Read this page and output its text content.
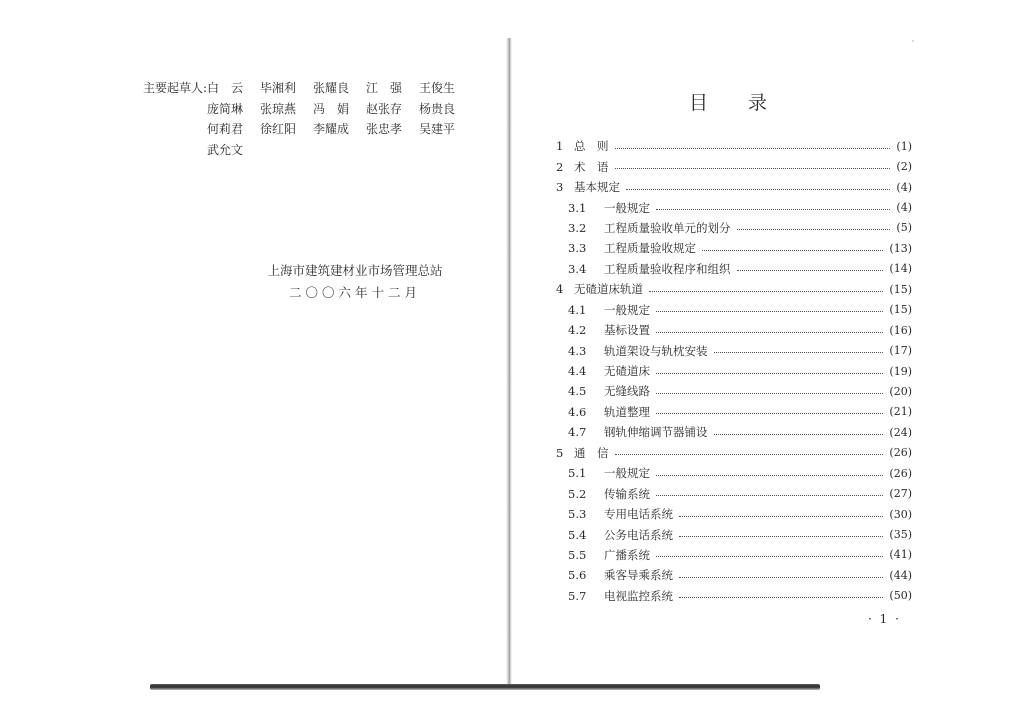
主要起草人: 白　云 毕湘利 张耀良 江　强 王俊生
庞简琳 张琼燕 冯　娟 赵张存 杨贵良
何莉君 徐红阳 李耀成 张忠孝 吴建平
武允文
上海市建筑建材业市场管理总站
二〇〇六年十二月
目录
1 总　则	(1)
2 术　语	(2)
3 基本规定	(4)
3.1	一般规定	(4)
3.2	工程质量验收单元的划分	(5)
3.3	工程质量验收规定	(13)
3.4	工程质量验收程序和组织	(14)
4 无碴道床轨道	(15)
4.1	一般规定	(15)
4.2	基标设置	(16)
4.3	轨道架设与轨枕安装	(17)
4.4	无碴道床	(19)
4.5	无缝线路	(20)
4.6	轨道整理	(21)
4.7	钢轨伸缩调节器铺设	(24)
5 通　信	(26)
5.1	一般规定	(26)
5.2	传输系统	(27)
5.3	专用电话系统	(30)
5.4	公务电话系统	(35)
5.5	广播系统	(41)
5.6	乘客导乘系统	(44)
5.7	电视监控系统	(50)
· 1 ·
